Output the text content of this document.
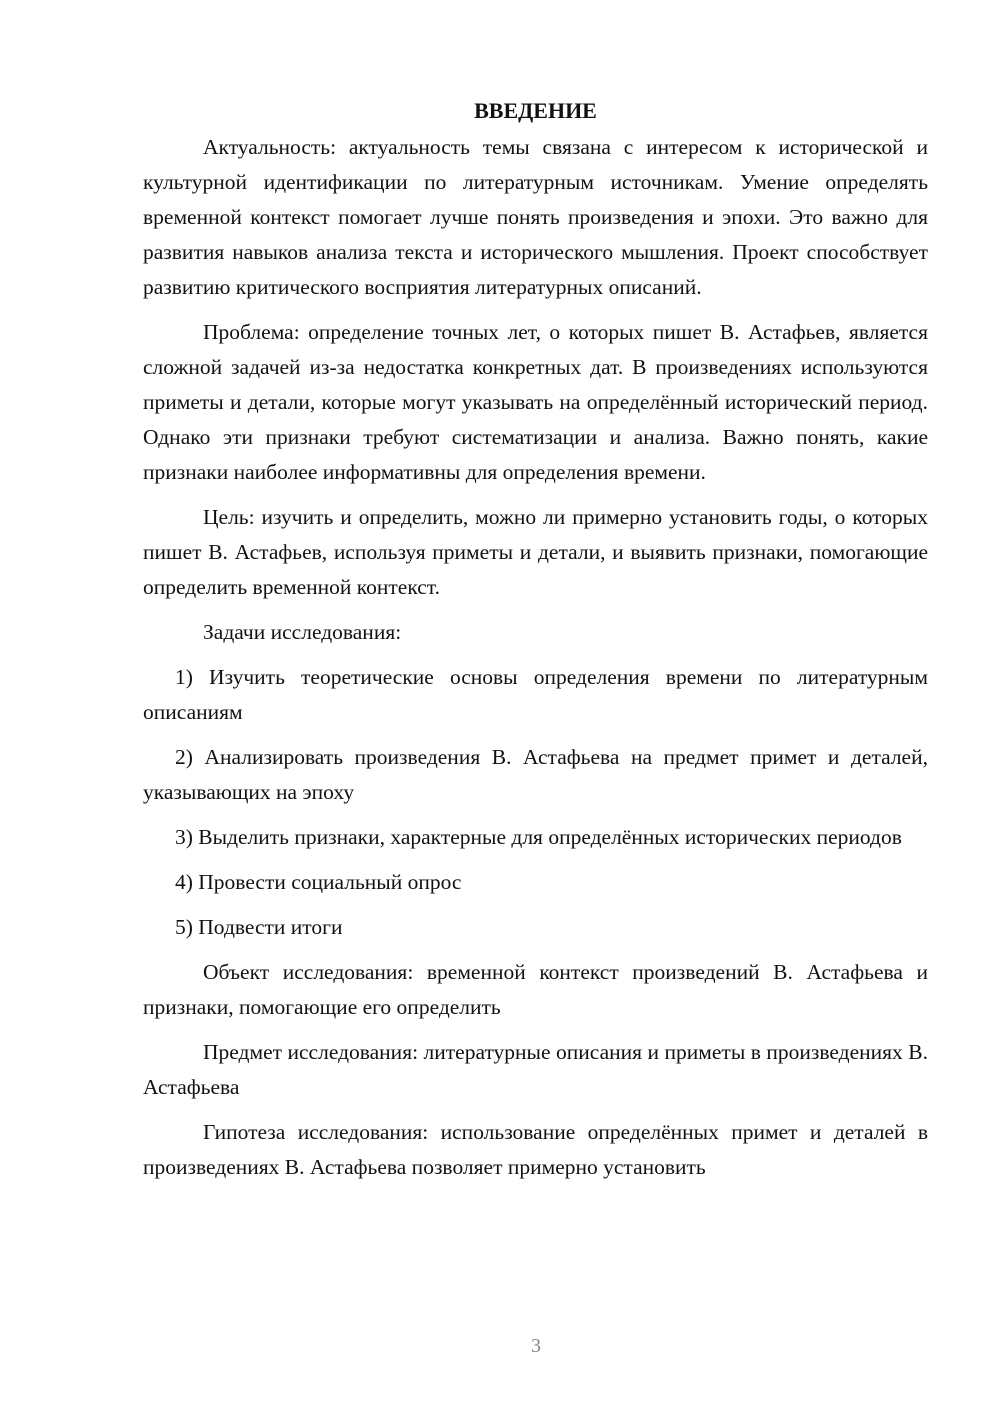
ВВЕДЕНИЕ

Актуальность: актуальность темы связана с интересом к исторической и культурной идентификации по литературным источникам. Умение определять временной контекст помогает лучше понять произведения и эпохи. Это важно для развития навыков анализа текста и исторического мышления. Проект способствует развитию критического восприятия литературных описаний.

Проблема: определение точных лет, о которых пишет В. Астафьев, является сложной задачей из-за недостатка конкретных дат. В произведениях используются приметы и детали, которые могут указывать на определённый исторический период. Однако эти признаки требуют систематизации и анализа. Важно понять, какие признаки наиболее информативны для определения времени.

Цель: изучить и определить, можно ли примерно установить годы, о которых пишет В. Астафьев, используя приметы и детали, и выявить признаки, помогающие определить временной контекст.

Задачи исследования:

1) Изучить теоретические основы определения времени по литературным описаниям

2) Анализировать произведения В. Астафьева на предмет примет и деталей, указывающих на эпоху

3) Выделить признаки, характерные для определённых исторических периодов

4) Провести социальный опрос

5) Подвести итоги

Объект исследования: временной контекст произведений В. Астафьева и признаки, помогающие его определить

Предмет исследования: литературные описания и приметы в произведениях В. Астафьева

Гипотеза исследования: использование определённых примет и деталей в произведениях В. Астафьева позволяет примерно установить

3
